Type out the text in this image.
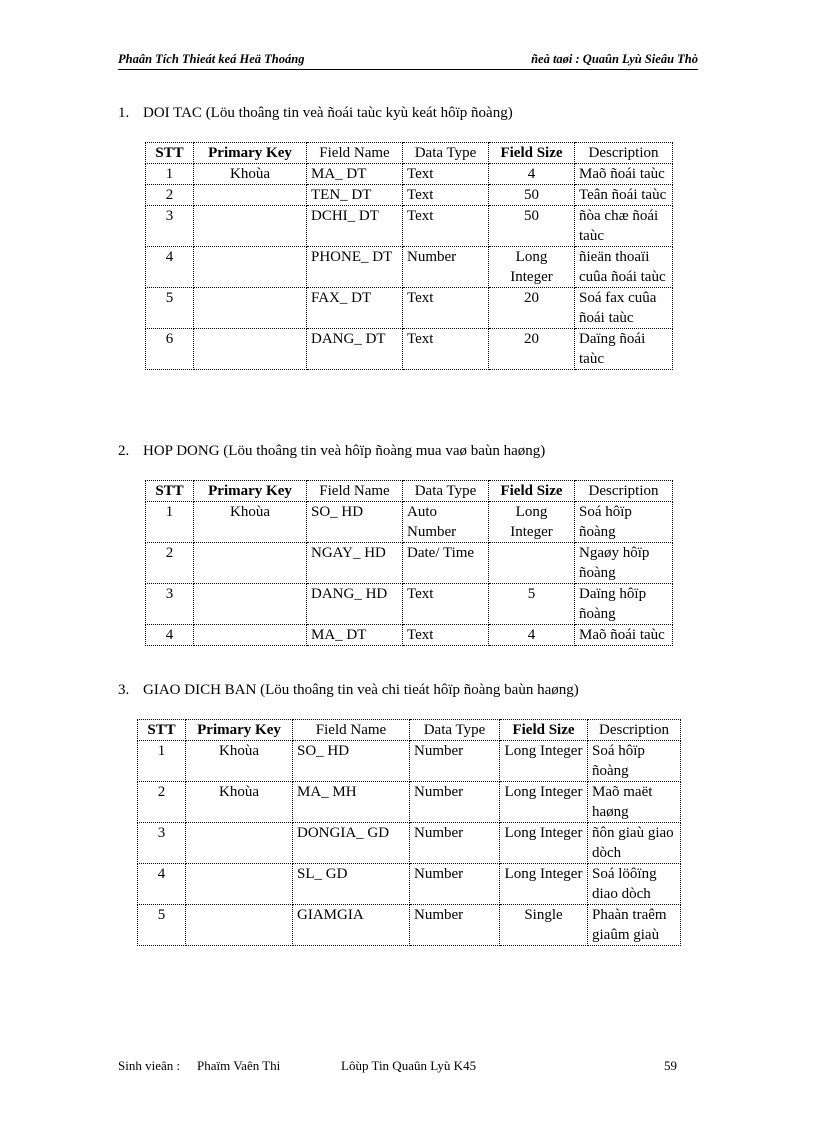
Phaân Tích Thieát keá Heä Thoáng	ñeà taøi : Quaûn Lyù Sieâu Thò
1. DOI TAC (Löu thoâng tin veà ñoái taùc kyù keát hôïp ñoàng)
STT	Primary Key	Field Name	Data Type	Field Size	Description
1	Khoùa	MA_ DT	Text	4	Maõ ñoái taùc
2		TEN_ DT	Text	50	Teân ñoái taùc
3		DCHI_ DT	Text	50	ñòa chæ ñoái taùc
4		PHONE_ DT	Number	Long Integer	ñieän thoaïi cuûa ñoái taùc
5		FAX_ DT	Text	20	Soá fax cuûa ñoái taùc
6		DANG_ DT	Text	20	Daïng ñoái taùc
2. HOP DONG (Löu thoâng tin veà hôïp ñoàng mua vaø baùn haøng)
STT	Primary Key	Field Name	Data Type	Field Size	Description
1	Khoùa	SO_ HD	Auto Number	Long Integer	Soá hôïp ñoàng
2		NGAY_ HD	Date/ Time		Ngaøy hôïp ñoàng
3		DANG_ HD	Text	5	Daïng hôïp ñoàng
4		MA_ DT	Text	4	Maõ ñoái taùc
3. GIAO DICH BAN (Löu thoâng tin veà chi tieát hôïp ñoàng baùn haøng)
STT	Primary Key	Field Name	Data Type	Field Size	Description
1	Khoùa	SO_ HD	Number	Long Integer	Soá hôïp ñoàng
2	Khoùa	MA_ MH	Number	Long Integer	Maõ maët haøng
3		DONGIA_ GD	Number	Long Integer	ñôn giaù giao dòch
4		SL_ GD	Number	Long Integer	Soá löôïng diao dòch
5		GIAMGIA	Number	Single	Phaàn traêm giaûm giaù
Sinh vieân : Phaïm Vaên Thi	Lôùp Tin Quaûn Lyù K45	59
